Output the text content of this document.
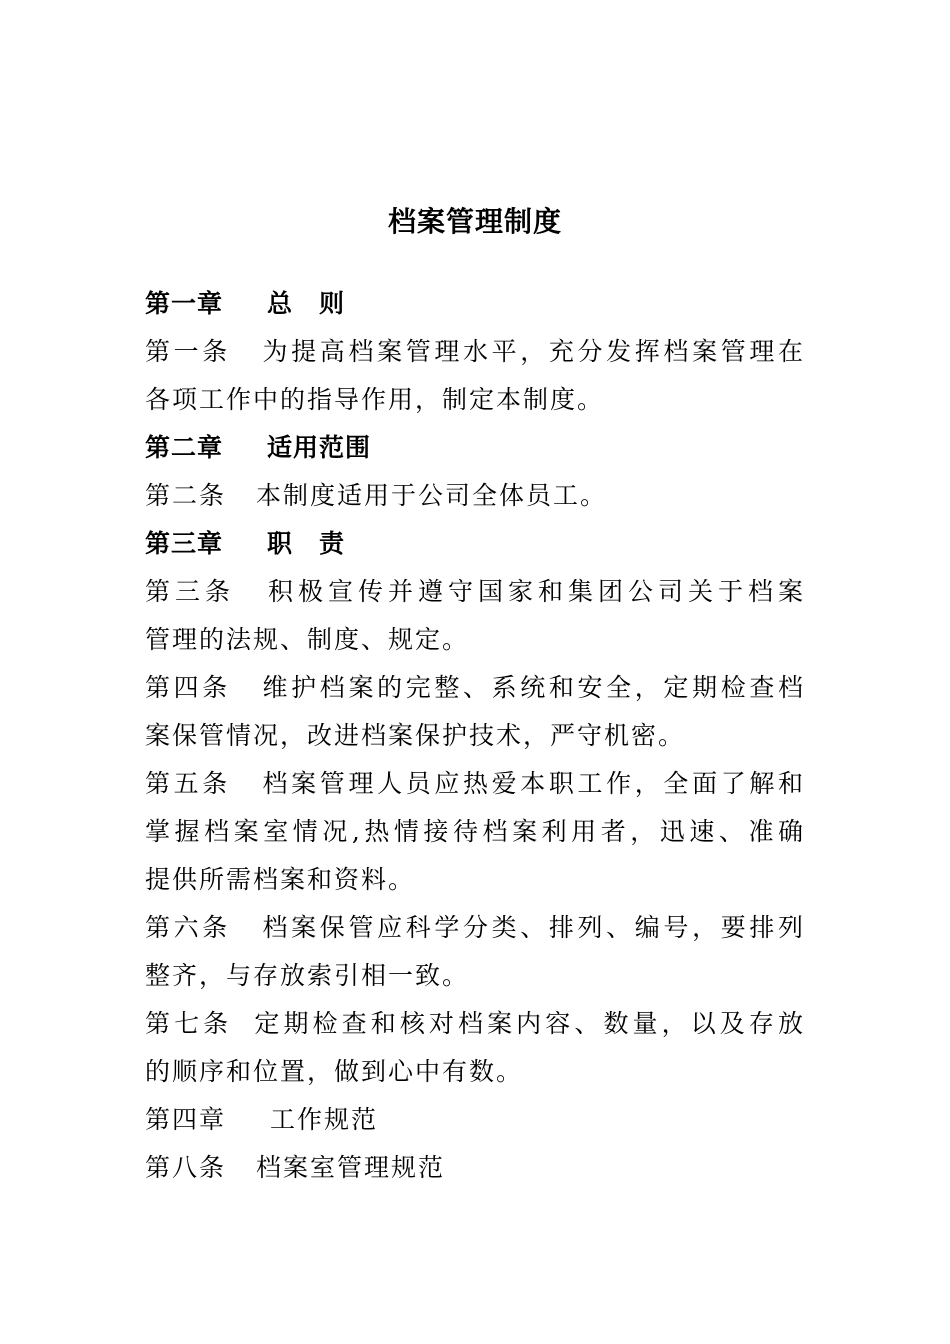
档案管理制度
第一章 总　则
第一条 为提高档案管理水平，充分发挥档案管理在
各项工作中的指导作用，制定本制度。
第二章 适用范围
第二条 本制度适用于公司全体员工。
第三章 职　责
第三条 积极宣传并遵守国家和集团公司关于档案
管理的法规、制度、规定。
第四条 维护档案的完整、系统和安全，定期检查档
案保管情况，改进档案保护技术，严守机密。
第五条 档案管理人员应热爱本职工作，全面了解和
掌握档案室情况,热情接待档案利用者，迅速、准确
提供所需档案和资料。
第六条 档案保管应科学分类、排列、编号，要排列
整齐，与存放索引相一致。
第七条 定期检查和核对档案内容、数量，以及存放
的顺序和位置，做到心中有数。
第四章 工作规范
第八条 档案室管理规范
